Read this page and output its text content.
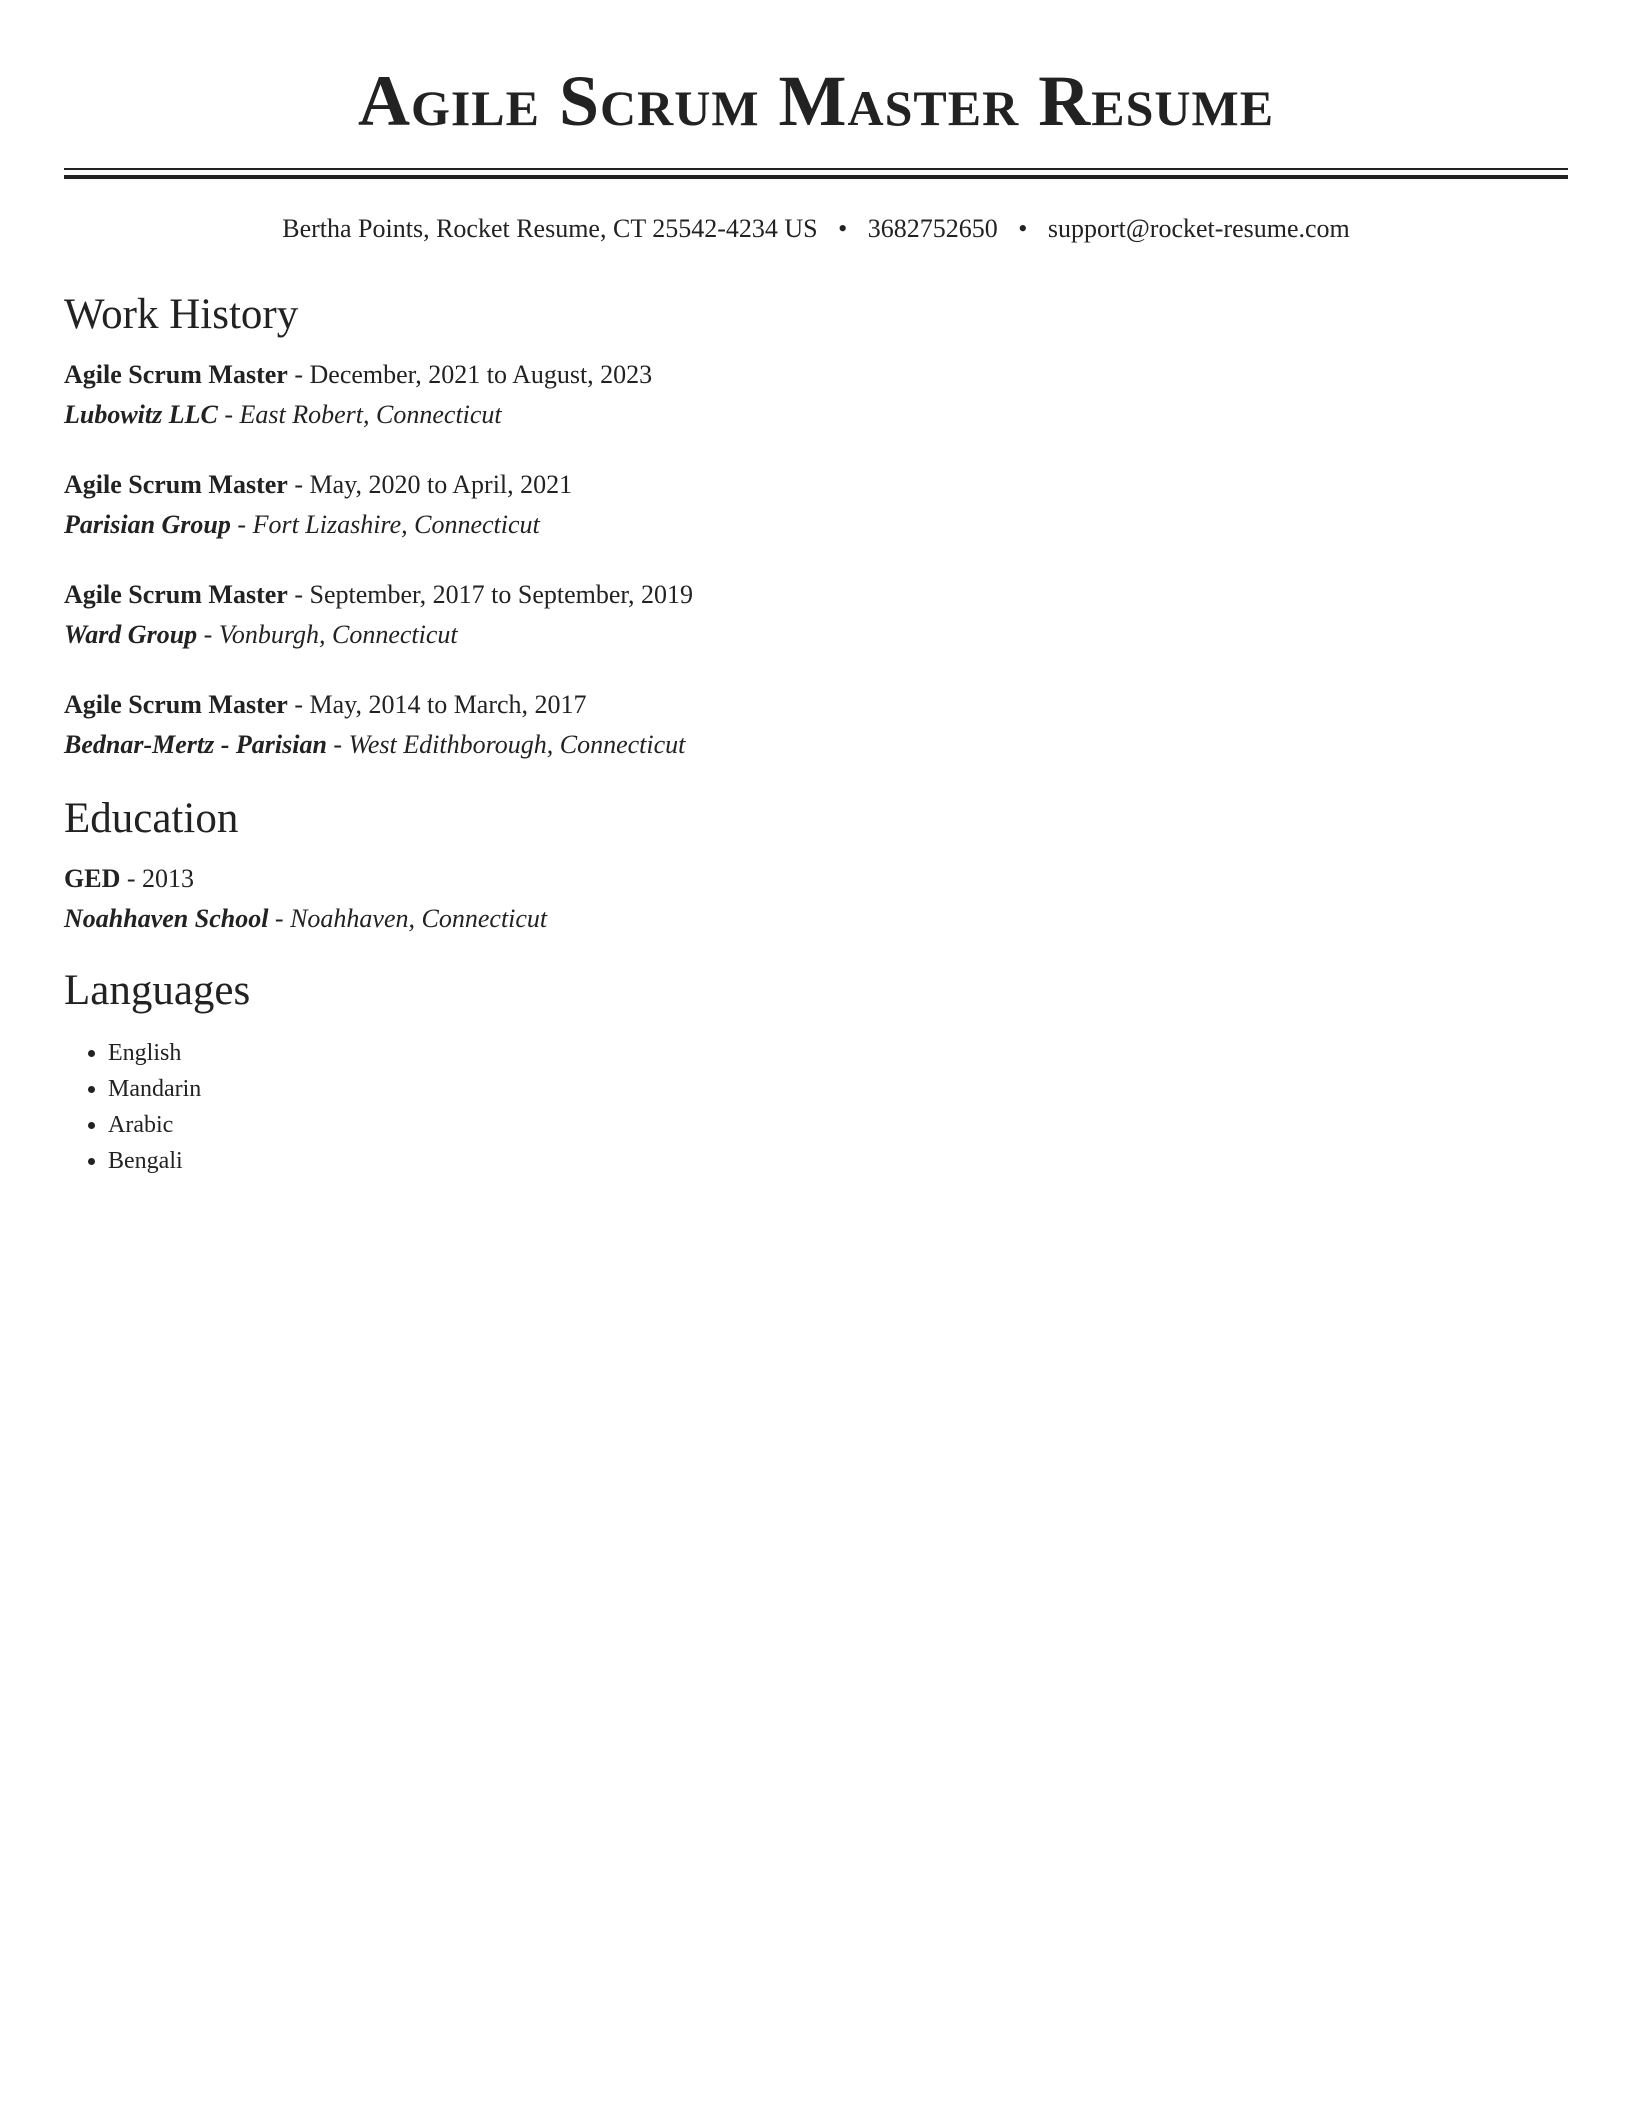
Agile Scrum Master Resume
Bertha Points, Rocket Resume, CT 25542-4234 US • 3682752650 • support@rocket-resume.com
Work History
Agile Scrum Master - December, 2021 to August, 2023
Lubowitz LLC - East Robert, Connecticut
Agile Scrum Master - May, 2020 to April, 2021
Parisian Group - Fort Lizashire, Connecticut
Agile Scrum Master - September, 2017 to September, 2019
Ward Group - Vonburgh, Connecticut
Agile Scrum Master - May, 2014 to March, 2017
Bednar-Mertz - Parisian - West Edithborough, Connecticut
Education
GED - 2013
Noahhaven School - Noahhaven, Connecticut
Languages
• English
• Mandarin
• Arabic
• Bengali
